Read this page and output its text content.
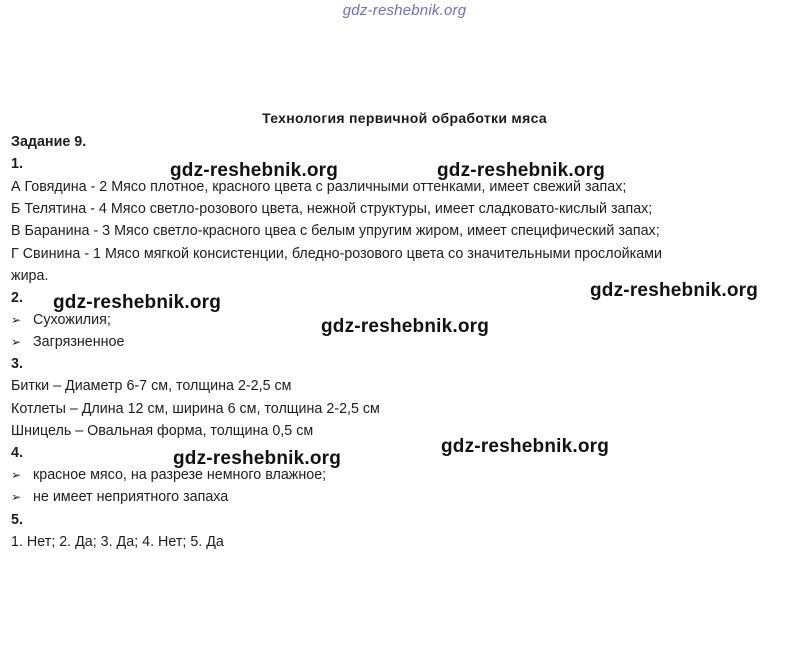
gdz-reshebnik.org
Технология первичной обработки мяса
Задание 9.
1.
А Говядина - 2 Мясо плотное, красного цвета с различными оттенками, имеет свежий запах;
Б Телятина - 4 Мясо светло-розового цвета, нежной структуры, имеет сладковато-кислый запах;
В Баранина - 3 Мясо светло-красного цвеа с белым упругим жиром, имеет специфический запах;
Г Свинина - 1 Мясо мягкой консистенции, бледно-розового цвета со значительными прослойками
жира.
2.
➢ Сухожилия;
➢ Загрязненное
3.
Битки – Диаметр 6-7 см, толщина 2-2,5 см
Котлеты – Длина 12 см, ширина 6 см, толщина 2-2,5 см
Шницель – Овальная форма, толщина 0,5 см
4.
➢ красное мясо, на разрезе немного влажное;
➢ не имеет неприятного запаха
5.
1. Нет; 2. Да; 3. Да; 4. Нет; 5. Да
gdz-reshebnik.org	gdz-reshebnik.org
gdz-reshebnik.org
gdz-reshebnik.org
gdz-reshebnik.org
gdz-reshebnik.org
gdz-reshebnik.org
